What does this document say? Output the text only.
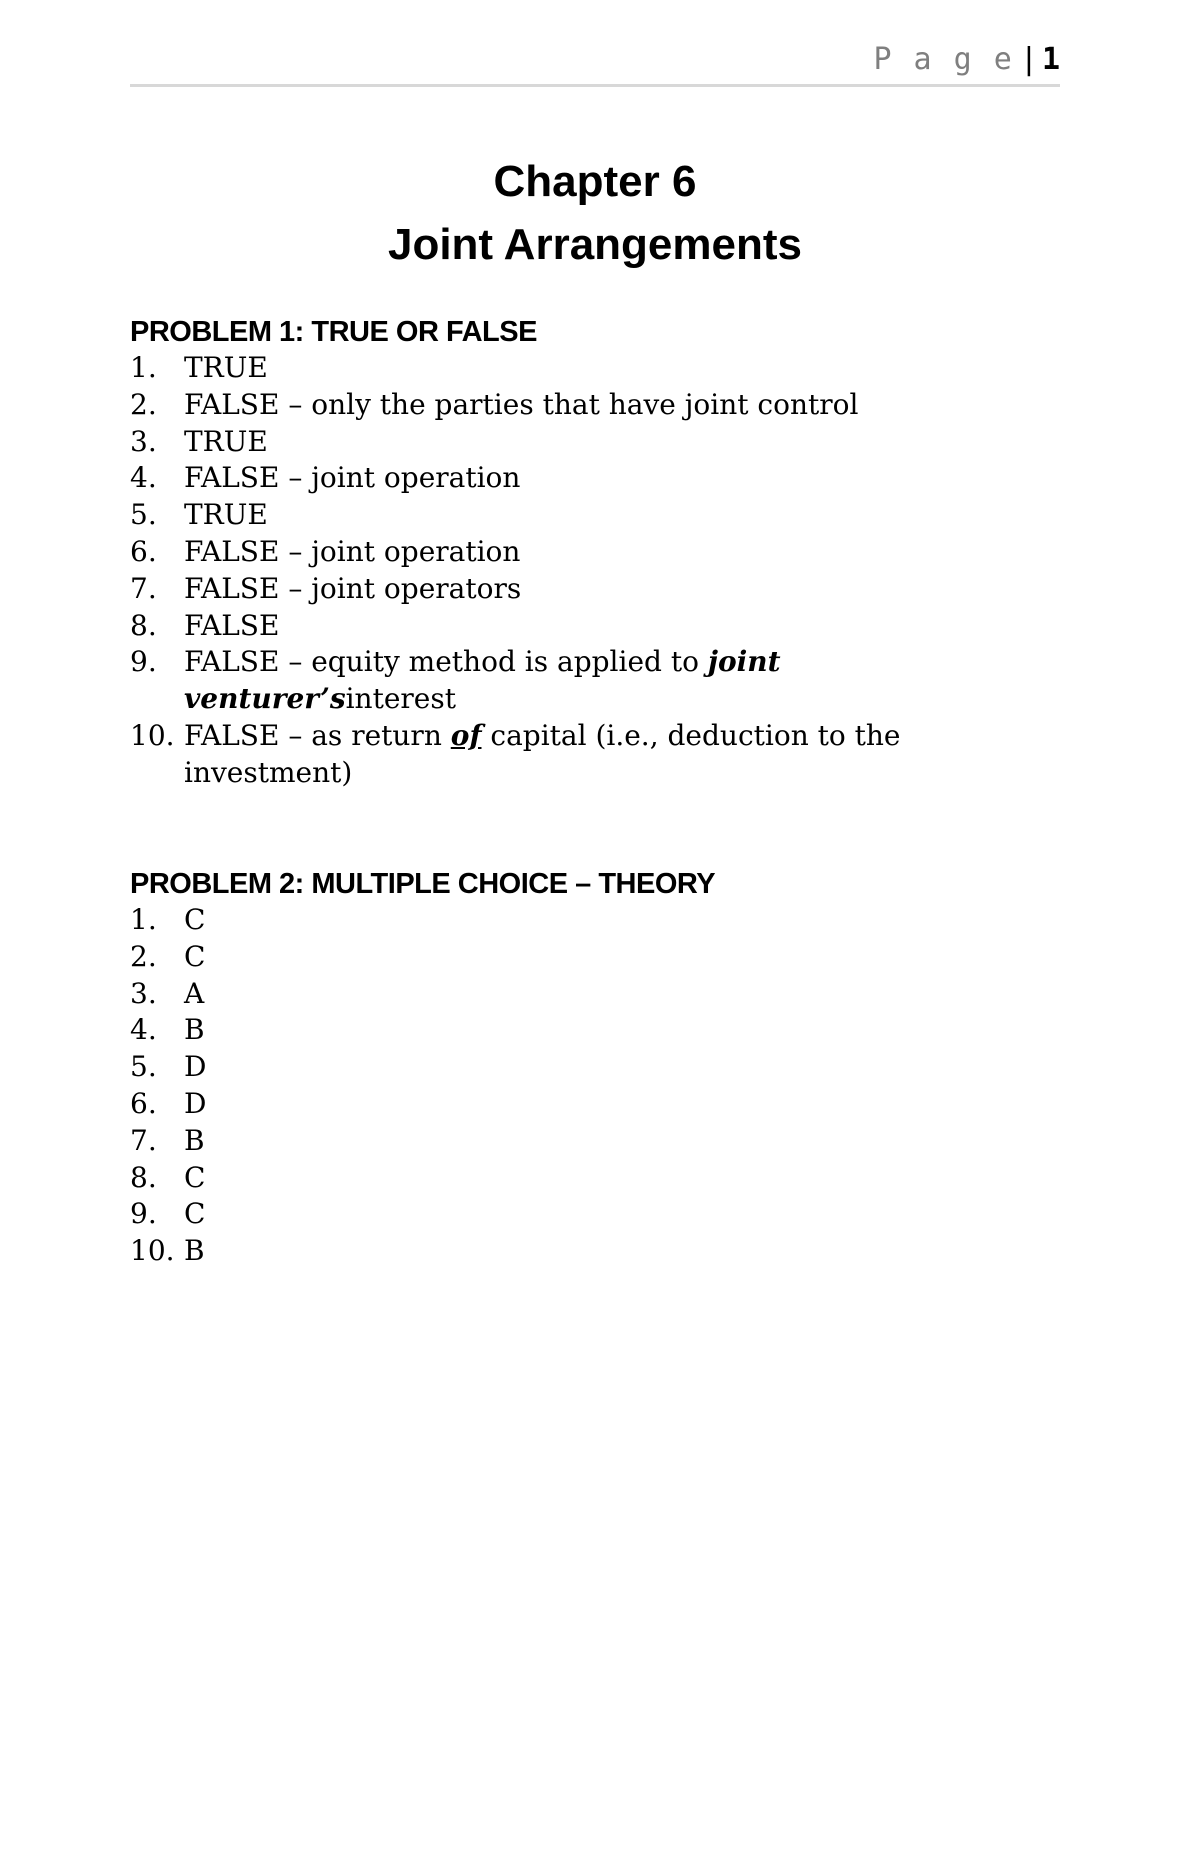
P a g e | 1
Chapter 6
Joint Arrangements
PROBLEM 1: TRUE OR FALSE
1. TRUE
2. FALSE – only the parties that have joint control
3. TRUE
4. FALSE – joint operation
5. TRUE
6. FALSE – joint operation
7. FALSE – joint operators
8. FALSE
9. FALSE – equity method is applied to joint venturer’sinterest
10. FALSE – as return of capital (i.e., deduction to the investment)
PROBLEM 2: MULTIPLE CHOICE – THEORY
1. C
2. C
3. A
4. B
5. D
6. D
7. B
8. C
9. C
10. B
